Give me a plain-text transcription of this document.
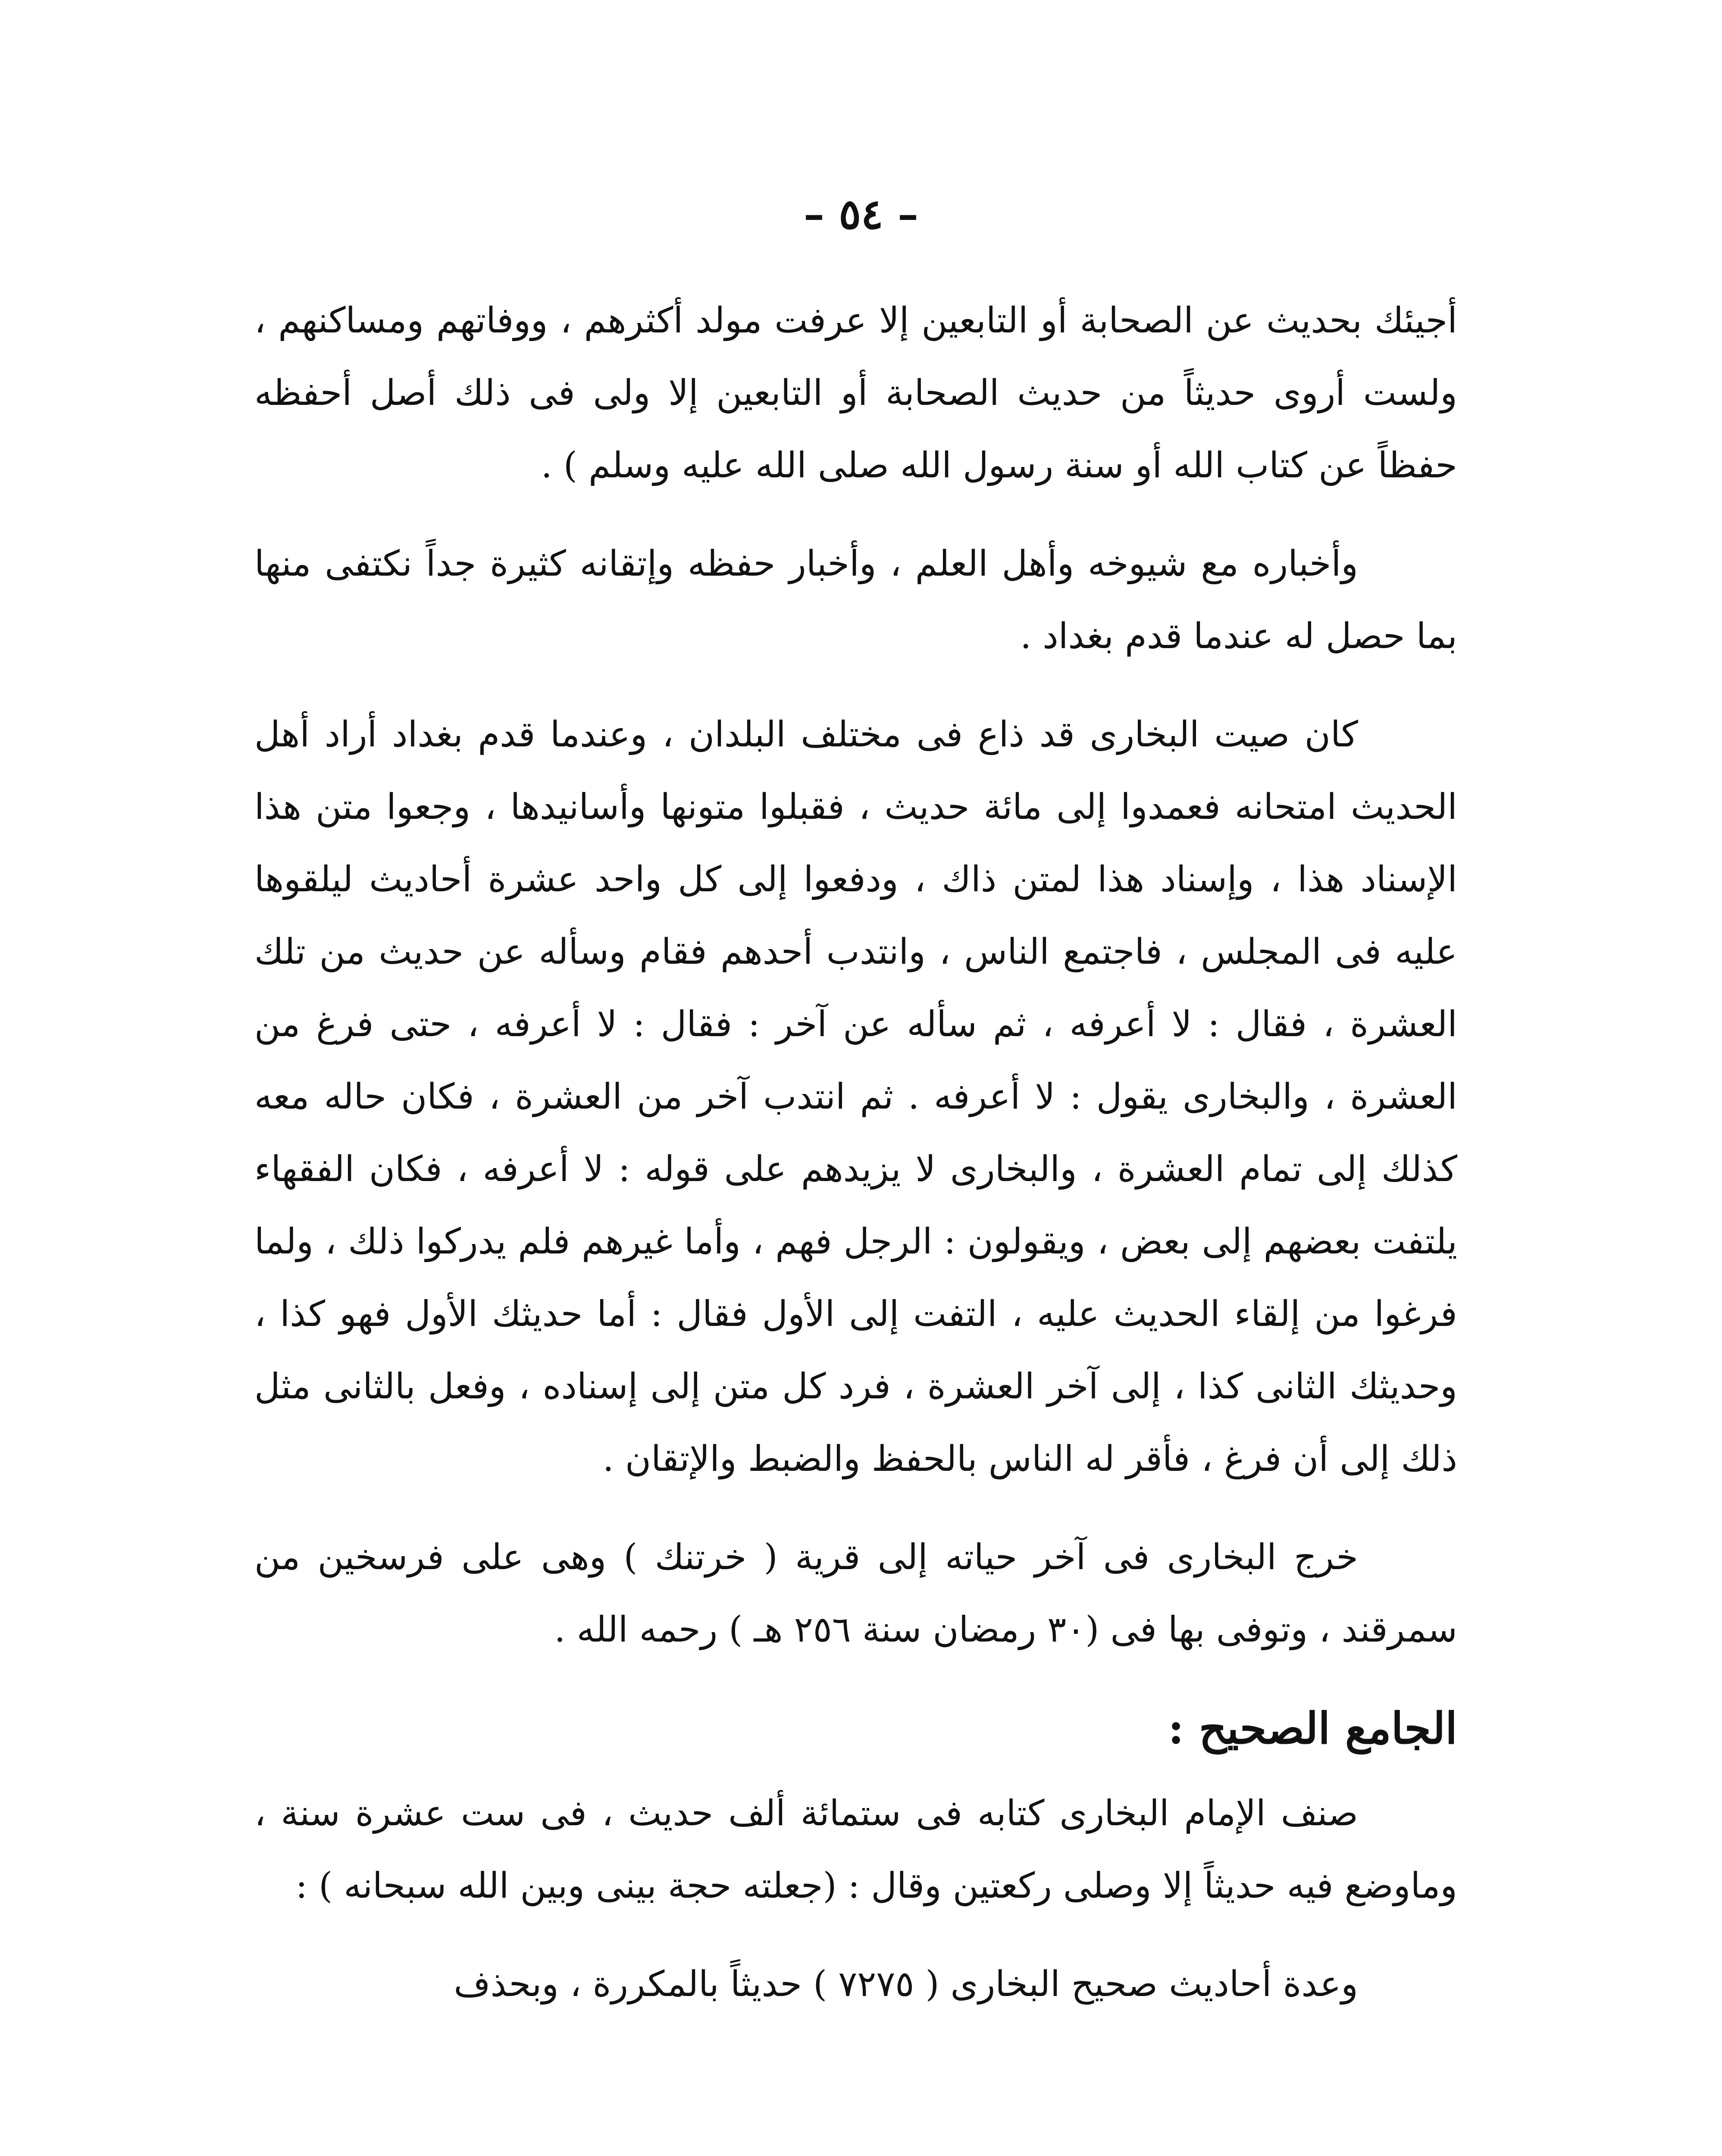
– ٥٤ –

أجيئك بحديث عن الصحابة أو التابعين إلا عرفت مولد أكثرهم ، ووفاتهم ومساكنهم ، ولست أروى حديثاً من حديث الصحابة أو التابعين إلا ولى فى ذلك أصل أحفظه حفظاً عن كتاب الله أو سنة رسول الله صلى الله عليه وسلم ) .

وأخباره مع شيوخه وأهل العلم ، وأخبار حفظه وإتقانه كثيرة جداً نكتفى منها بما حصل له عندما قدم بغداد .

كان صيت البخارى قد ذاع فى مختلف البلدان ، وعندما قدم بغداد أراد أهل الحديث امتحانه فعمدوا إلى مائة حديث ، فقبلوا متونها وأسانيدها ، وجعوا متن هذا الإسناد هذا ، وإسناد هذا لمتن ذاك ، ودفعوا إلى كل واحد عشرة أحاديث ليلقوها عليه فى المجلس ، فاجتمع الناس ، وانتدب أحدهم فقام وسأله عن حديث من تلك العشرة ، فقال : لا أعرفه ، ثم سأله عن آخر : فقال : لا أعرفه ، حتى فرغ من العشرة ، والبخارى يقول : لا أعرفه . ثم انتدب آخر من العشرة ، فكان حاله معه كذلك إلى تمام العشرة ، والبخارى لا يزيدهم على قوله : لا أعرفه ، فكان الفقهاء يلتفت بعضهم إلى بعض ، ويقولون : الرجل فهم ، وأما غيرهم فلم يدركوا ذلك ، ولما فرغوا من إلقاء الحديث عليه ، التفت إلى الأول فقال : أما حديثك الأول فهو كذا ، وحديثك الثانى كذا ، إلى آخر العشرة ، فرد كل متن إلى إسناده ، وفعل بالثانى مثل ذلك إلى أن فرغ ، فأقر له الناس بالحفظ والضبط والإتقان .

خرج البخارى فى آخر حياته إلى قرية ( خرتنك ) وهى على فرسخين من سمرقند ، وتوفى بها فى (٣٠ رمضان سنة ٢٥٦ هـ ) رحمه الله .

الجامع الصحيح :

صنف الإمام البخارى كتابه فى ستمائة ألف حديث ، فى ست عشرة سنة ، وماوضع فيه حديثاً إلا وصلى ركعتين وقال : (جعلته حجة بينى وبين الله سبحانه ) :

وعدة أحاديث صحيح البخارى ( ٧٢٧٥ ) حديثاً بالمكررة ، وبحذف
